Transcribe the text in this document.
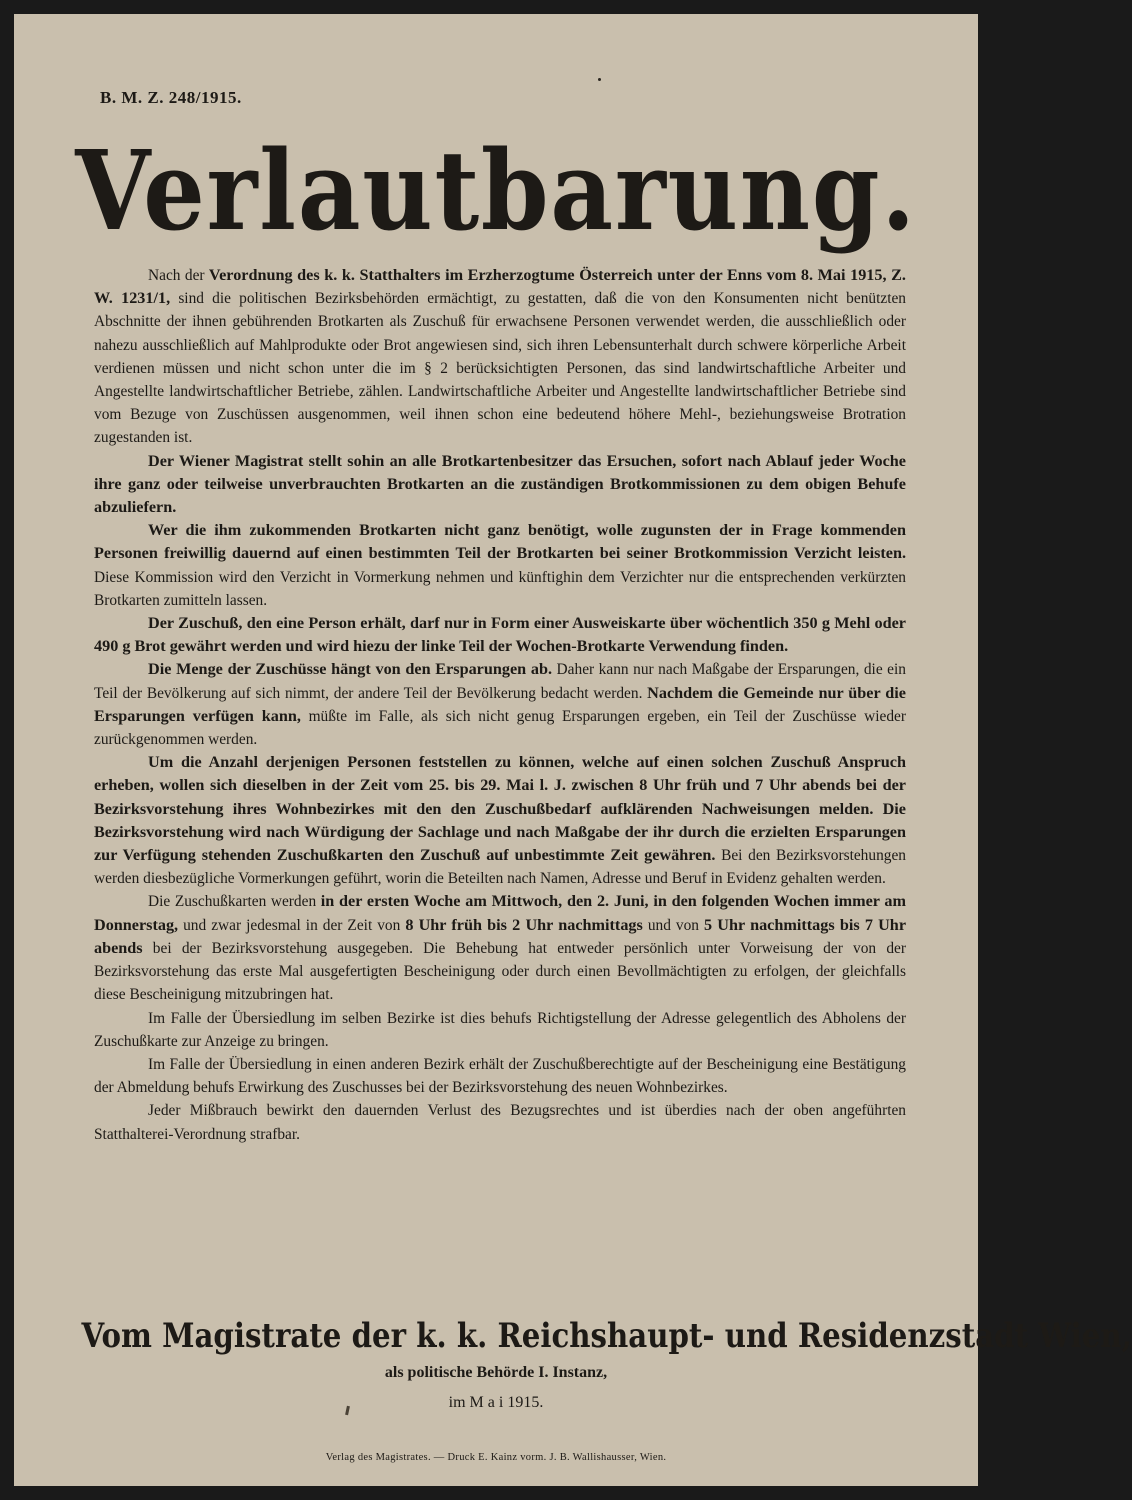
B. M. Z. 248/1915.
Verlautbarung.

Nach der Verordnung des k. k. Statthalters im Erzherzogtume Österreich unter der Enns vom 8. Mai 1915, Z. W. 1231/1, sind die politischen Bezirksbehörden ermächtigt, zu gestatten, daß die von den Konsumenten nicht benützten Abschnitte der ihnen gebührenden Brotkarten als Zuschuß für erwachsene Personen verwendet werden, die ausschließlich oder nahezu ausschließlich auf Mahlprodukte oder Brot angewiesen sind, sich ihren Lebensunterhalt durch schwere körperliche Arbeit verdienen müssen und nicht schon unter die im § 2 berücksichtigten Personen, das sind landwirtschaftliche Arbeiter und Angestellte landwirtschaftlicher Betriebe, zählen. Landwirtschaftliche Arbeiter und Angestellte landwirtschaftlicher Betriebe sind vom Bezuge von Zuschüssen ausgenommen, weil ihnen schon eine bedeutend höhere Mehl-, beziehungsweise Brotration zugestanden ist.

Der Wiener Magistrat stellt sohin an alle Brotkartenbesitzer das Ersuchen, sofort nach Ablauf jeder Woche ihre ganz oder teilweise unverbrauchten Brotkarten an die zuständigen Brotkommissionen zu dem obigen Behufe abzuliefern.

Wer die ihm zukommenden Brotkarten nicht ganz benötigt, wolle zugunsten der in Frage kommenden Personen freiwillig dauernd auf einen bestimmten Teil der Brotkarten bei seiner Brotkommission Verzicht leisten. Diese Kommission wird den Verzicht in Vormerkung nehmen und künftighin dem Verzichter nur die entsprechenden verkürzten Brotkarten zumitteln lassen.

Der Zuschuß, den eine Person erhält, darf nur in Form einer Ausweiskarte über wöchentlich 350 g Mehl oder 490 g Brot gewährt werden und wird hiezu der linke Teil der Wochen-Brotkarte Verwendung finden.

Die Menge der Zuschüsse hängt von den Ersparungen ab. Daher kann nur nach Maßgabe der Ersparungen, die ein Teil der Bevölkerung auf sich nimmt, der andere Teil der Bevölkerung bedacht werden. Nachdem die Gemeinde nur über die Ersparungen verfügen kann, müßte im Falle, als sich nicht genug Ersparungen ergeben, ein Teil der Zuschüsse wieder zurückgenommen werden.

Um die Anzahl derjenigen Personen feststellen zu können, welche auf einen solchen Zuschuß Anspruch erheben, wollen sich dieselben in der Zeit vom 25. bis 29. Mai l. J. zwischen 8 Uhr früh und 7 Uhr abends bei der Bezirksvorstehung ihres Wohnbezirkes mit den den Zuschußbedarf aufklärenden Nachweisungen melden. Die Bezirksvorstehung wird nach Würdigung der Sachlage und nach Maßgabe der ihr durch die erzielten Ersparungen zur Verfügung stehenden Zuschußkarten den Zuschuß auf unbestimmte Zeit gewähren. Bei den Bezirksvorstehungen werden diesbezügliche Vormerkungen geführt, worin die Beteilten nach Namen, Adresse und Beruf in Evidenz gehalten werden.

Die Zuschußkarten werden in der ersten Woche am Mittwoch, den 2. Juni, in den folgenden Wochen immer am Donnerstag, und zwar jedesmal in der Zeit von 8 Uhr früh bis 2 Uhr nachmittags und von 5 Uhr nachmittags bis 7 Uhr abends bei der Bezirksvorstehung ausgegeben. Die Behebung hat entweder persönlich unter Vorweisung der von der Bezirksvorstehung das erste Mal ausgefertigten Bescheinigung oder durch einen Bevollmächtigten zu erfolgen, der gleichfalls diese Bescheinigung mitzubringen hat.

Im Falle der Übersiedlung im selben Bezirke ist dies behufs Richtigstellung der Adresse gelegentlich des Abholens der Zuschußkarte zur Anzeige zu bringen.

Im Falle der Übersiedlung in einen anderen Bezirk erhält der Zuschußberechtigte auf der Bescheinigung eine Bestätigung der Abmeldung behufs Erwirkung des Zuschusses bei der Bezirksvorstehung des neuen Wohnbezirkes.

Jeder Mißbrauch bewirkt den dauernden Verlust des Bezugsrechtes und ist überdies nach der oben angeführten Statthalterei-Verordnung strafbar.

Vom Magistrate der k. k. Reichshaupt- und Residenzstadt Wien,
als politische Behörde I. Instanz,
im M a i 1915.
Verlag des Magistrates. — Druck E. Kainz vorm. J. B. Wallishausser, Wien.
